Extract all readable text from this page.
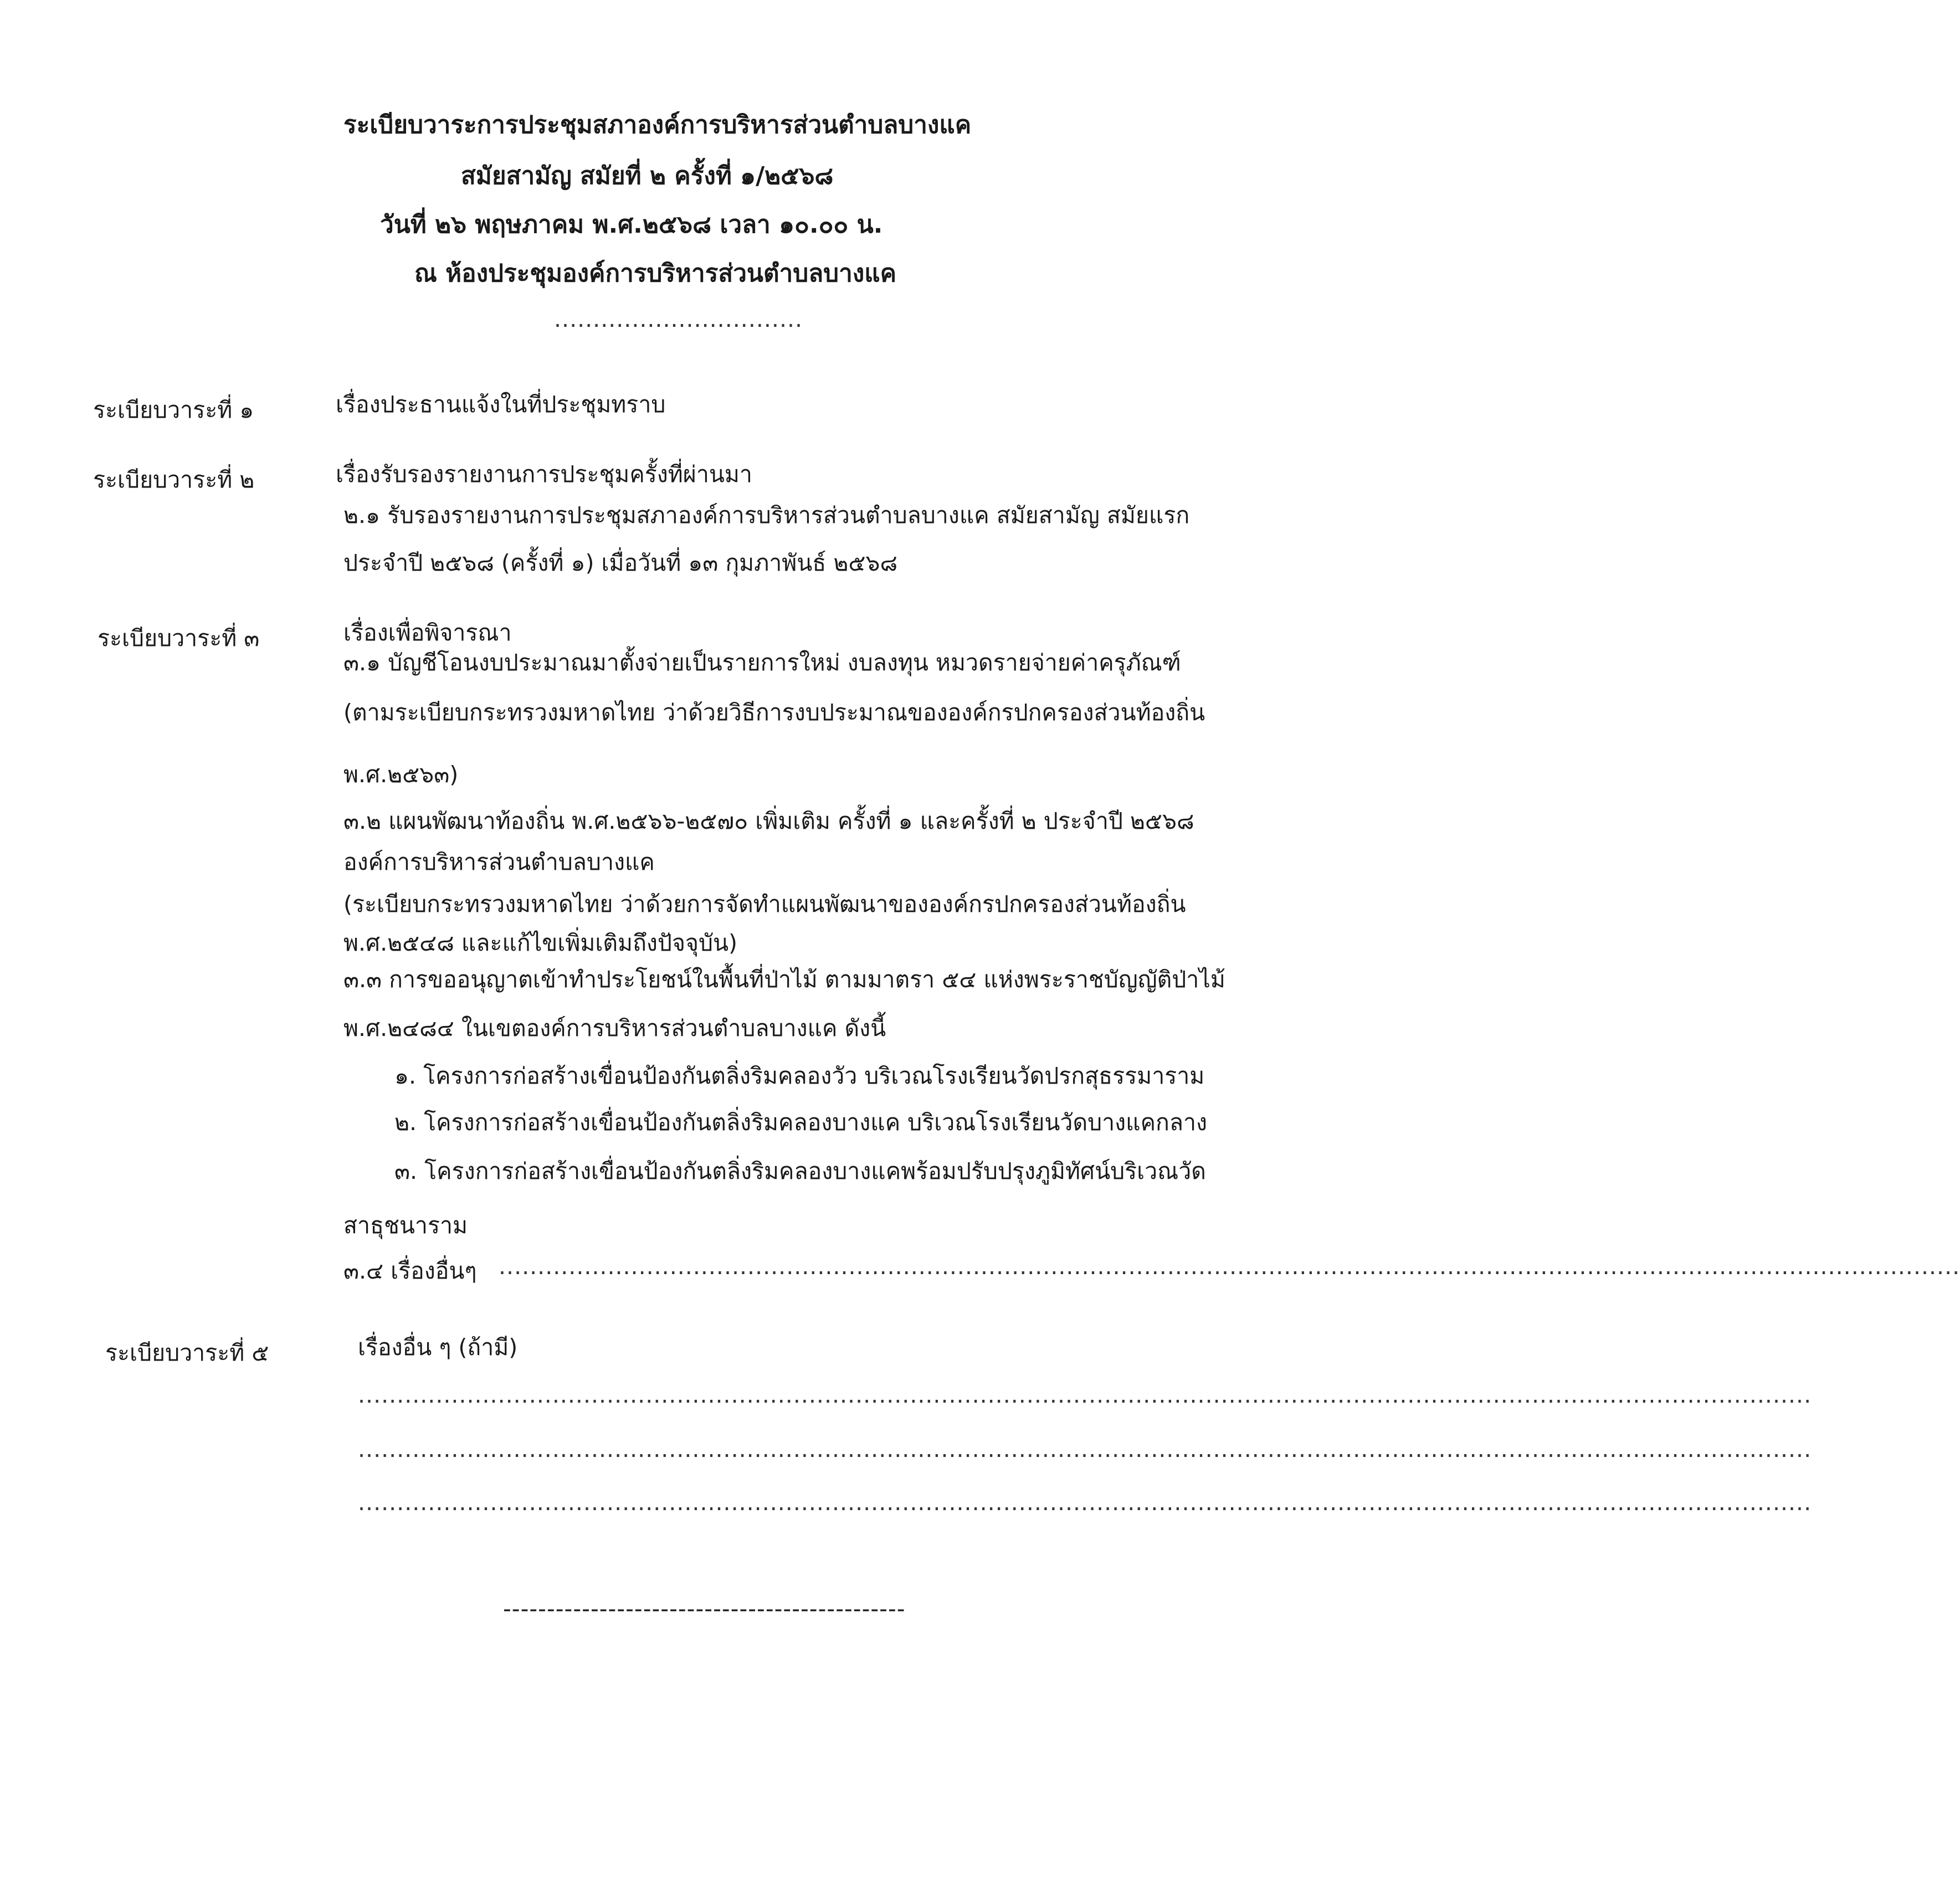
ระเบียบวาระการประชุมสภาองค์การบริหารส่วนตำบลบางแค
สมัยสามัญ สมัยที่ ๒ ครั้งที่ ๑/๒๕๖๘
วันที่ ๒๖ พฤษภาคม พ.ศ.๒๕๖๘ เวลา ๑๐.๐๐ น.
ณ ห้องประชุมองค์การบริหารส่วนตำบลบางแค
................................
ระเบียบวาระที่ ๑	เรื่องประธานแจ้งในที่ประชุมทราบ
ระเบียบวาระที่ ๒	เรื่องรับรองรายงานการประชุมครั้งที่ผ่านมา
๒.๑ รับรองรายงานการประชุมสภาองค์การบริหารส่วนตำบลบางแค สมัยสามัญ สมัยแรก
ประจำปี ๒๕๖๘ (ครั้งที่ ๑) เมื่อวันที่ ๑๓ กุมภาพันธ์ ๒๕๖๘
ระเบียบวาระที่ ๓	เรื่องเพื่อพิจารณา
๓.๑ บัญชีโอนงบประมาณมาตั้งจ่ายเป็นรายการใหม่ งบลงทุน หมวดรายจ่ายค่าครุภัณฑ์
(ตามระเบียบกระทรวงมหาดไทย ว่าด้วยวิธีการงบประมาณขององค์กรปกครองส่วนท้องถิ่น
พ.ศ.๒๕๖๓)
๓.๒ แผนพัฒนาท้องถิ่น พ.ศ.๒๕๖๖-๒๕๗๐ เพิ่มเติม ครั้งที่ ๑ และครั้งที่ ๒ ประจำปี ๒๕๖๘
องค์การบริหารส่วนตำบลบางแค
(ระเบียบกระทรวงมหาดไทย ว่าด้วยการจัดทำแผนพัฒนาขององค์กรปกครองส่วนท้องถิ่น
พ.ศ.๒๕๔๘ และแก้ไขเพิ่มเติมถึงปัจจุบัน)
๓.๓ การขออนุญาตเข้าทำประโยชน์ในพื้นที่ป่าไม้ ตามมาตรา ๕๔ แห่งพระราชบัญญัติป่าไม้
พ.ศ.๒๔๘๔ ในเขตองค์การบริหารส่วนตำบลบางแค ดังนี้
๑. โครงการก่อสร้างเขื่อนป้องกันตลิ่งริมคลองวัว บริเวณโรงเรียนวัดปรกสุธรรมาราม
๒. โครงการก่อสร้างเขื่อนป้องกันตลิ่งริมคลองบางแค บริเวณโรงเรียนวัดบางแคกลาง
๓. โครงการก่อสร้างเขื่อนป้องกันตลิ่งริมคลองบางแคพร้อมปรับปรุงภูมิทัศน์บริเวณวัด
สาธุชนาราม
๓.๔ เรื่องอื่นๆ ............................................................................................................................................................................................
ระเบียบวาระที่ ๕	เรื่องอื่น ๆ (ถ้ามี)
...........................................................................................................................................................................................
...........................................................................................................................................................................................
...........................................................................................................................................................................................
----------------------------------------------
